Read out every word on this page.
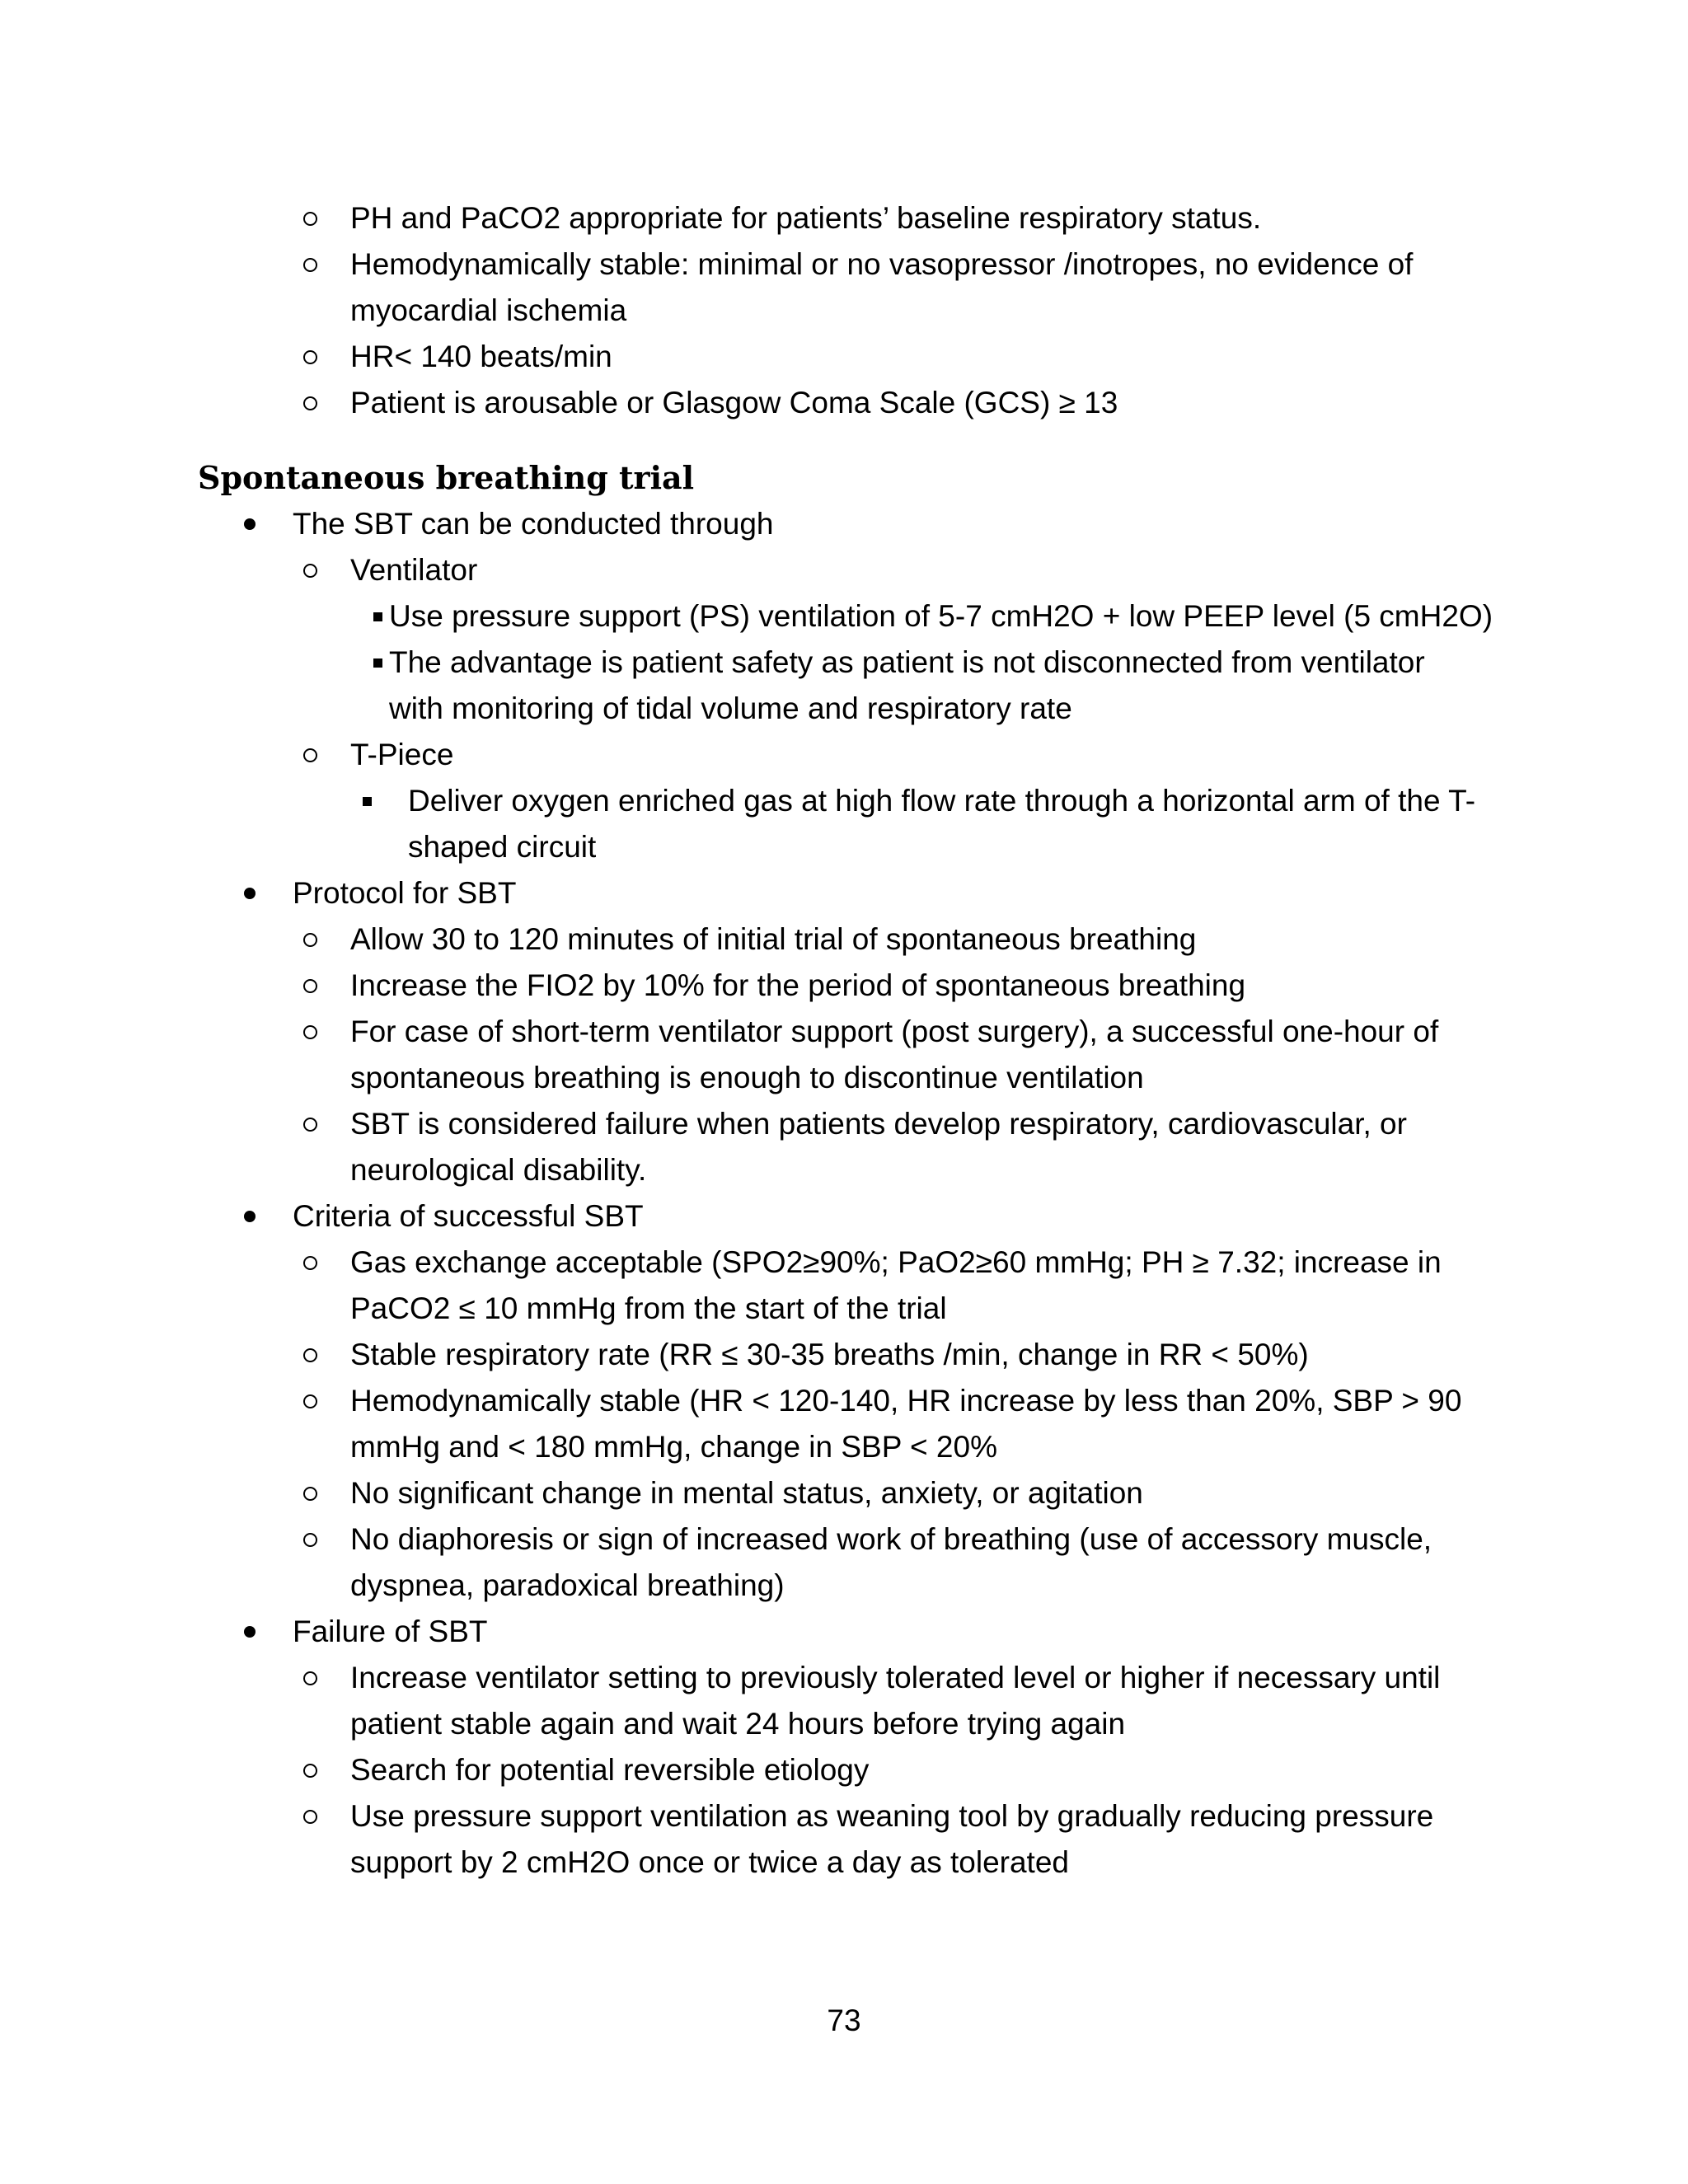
PH and PaCO2 appropriate for patients’ baseline respiratory status.
Hemodynamically stable: minimal or no vasopressor /inotropes, no evidence of
myocardial ischemia
HR< 140 beats/min
Patient is arousable or Glasgow Coma Scale (GCS) ≥ 13
Spontaneous breathing trial
The SBT can be conducted through
Ventilator
Use pressure support (PS) ventilation of 5-7 cmH2O + low PEEP level (5 cmH2O)
The advantage is patient safety as patient is not disconnected from ventilator
with monitoring of tidal volume and respiratory rate
T-Piece
Deliver oxygen enriched gas at high flow rate through a horizontal arm of the T-
shaped circuit
Protocol for SBT
Allow 30 to 120 minutes of initial trial of spontaneous breathing
Increase the FIO2 by 10% for the period of spontaneous breathing
For case of short-term ventilator support (post surgery), a successful one-hour of
spontaneous breathing is enough to discontinue ventilation
SBT is considered failure when patients develop respiratory, cardiovascular, or
neurological disability.
Criteria of successful SBT
Gas exchange acceptable (SPO2≥90%; PaO2≥60 mmHg; PH ≥ 7.32; increase in
PaCO2 ≤ 10 mmHg from the start of the trial
Stable respiratory rate (RR ≤ 30-35 breaths /min, change in RR < 50%)
Hemodynamically stable (HR < 120-140, HR increase by less than 20%, SBP > 90
mmHg and < 180 mmHg, change in SBP < 20%
No significant change in mental status, anxiety, or agitation
No diaphoresis or sign of increased work of breathing (use of accessory muscle,
dyspnea, paradoxical breathing)
Failure of SBT
Increase ventilator setting to previously tolerated level or higher if necessary until
patient stable again and wait 24 hours before trying again
Search for potential reversible etiology
Use pressure support ventilation as weaning tool by gradually reducing pressure
support by 2 cmH2O once or twice a day as tolerated
73
